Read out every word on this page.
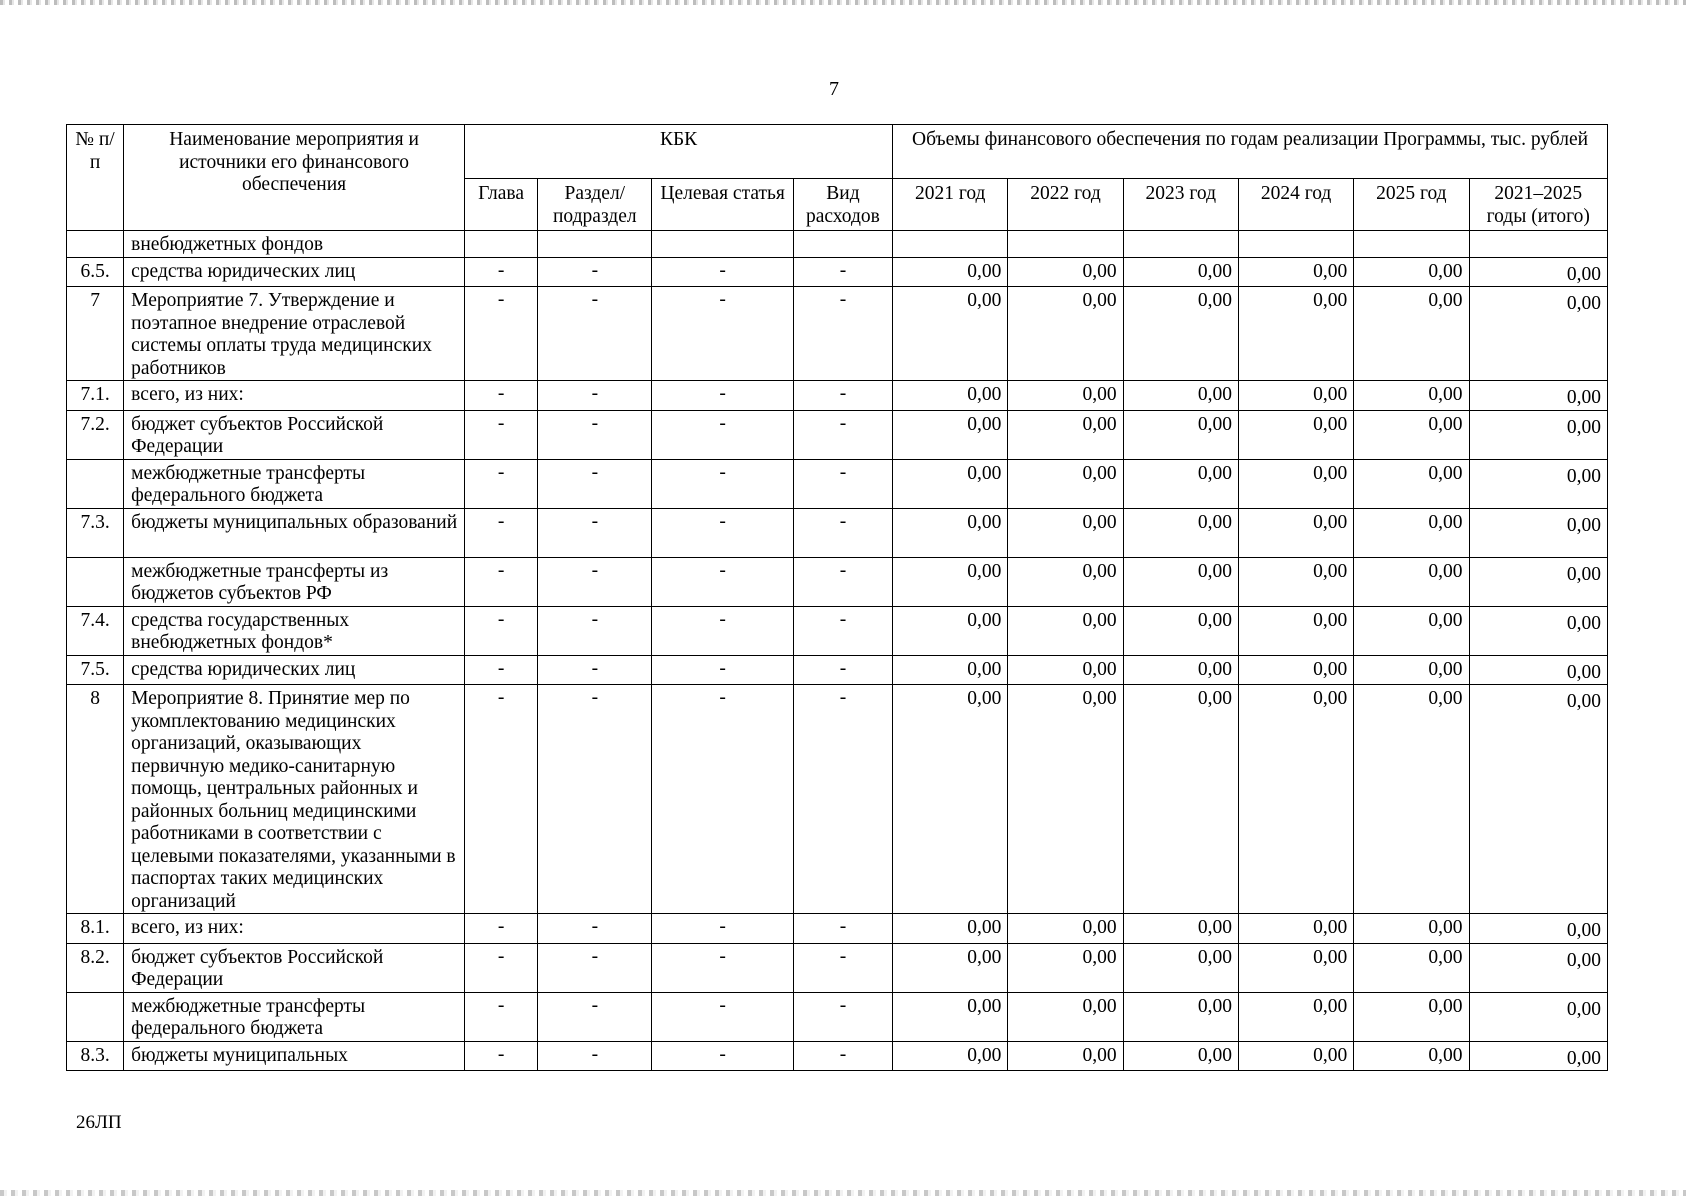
7
№ п/п	Наименование мероприятия и источники его финансового обеспечения	КБК				Объемы финансового обеспечения по годам реализации Программы, тыс. рублей					
		Глава	Раздел/ подраздел	Целевая статья	Вид расходов	2021 год	2022 год	2023 год	2024 год	2025 год	2021–2025 годы (итого)
	внебюджетных фондов										
6.5.	средства юридических лиц	-	-	-	-	0,00	0,00	0,00	0,00	0,00	0,00
7	Мероприятие 7. Утверждение и поэтапное внедрение отраслевой системы оплаты труда медицинских работников	-	-	-	-	0,00	0,00	0,00	0,00	0,00	0,00
7.1.	всего, из них:	-	-	-	-	0,00	0,00	0,00	0,00	0,00	0,00
7.2.	бюджет субъектов Российской Федерации	-	-	-	-	0,00	0,00	0,00	0,00	0,00	0,00
	межбюджетные трансферты федерального бюджета	-	-	-	-	0,00	0,00	0,00	0,00	0,00	0,00
7.3.	бюджеты муниципальных образований	-	-	-	-	0,00	0,00	0,00	0,00	0,00	0,00
	межбюджетные трансферты из бюджетов субъектов РФ	-	-	-	-	0,00	0,00	0,00	0,00	0,00	0,00
7.4.	средства государственных внебюджетных фондов*	-	-	-	-	0,00	0,00	0,00	0,00	0,00	0,00
7.5.	средства юридических лиц	-	-	-	-	0,00	0,00	0,00	0,00	0,00	0,00
8	Мероприятие 8. Принятие мер по укомплектованию медицинских организаций, оказывающих первичную медико-санитарную помощь, центральных районных и районных больниц медицинскими работниками в соответствии с целевыми показателями, указанными в паспортах таких медицинских организаций	-	-	-	-	0,00	0,00	0,00	0,00	0,00	0,00
8.1.	всего, из них:	-	-	-	-	0,00	0,00	0,00	0,00	0,00	0,00
8.2.	бюджет субъектов Российской Федерации	-	-	-	-	0,00	0,00	0,00	0,00	0,00	0,00
	межбюджетные трансферты федерального бюджета	-	-	-	-	0,00	0,00	0,00	0,00	0,00	0,00
8.3.	бюджеты муниципальных	-	-	-	-	0,00	0,00	0,00	0,00	0,00	0,00
26ЛП
